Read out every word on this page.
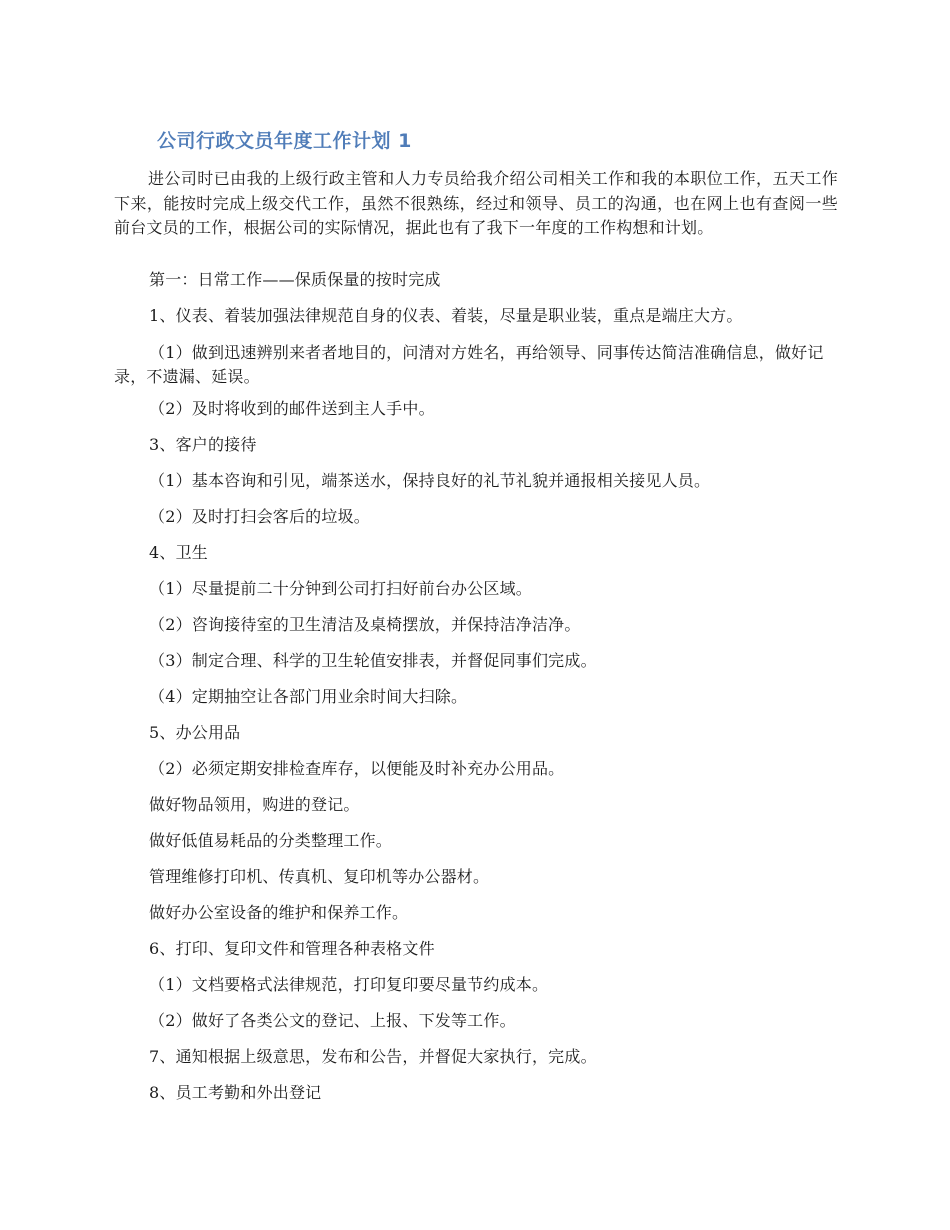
公司行政文员年度工作计划 1
进公司时已由我的上级行政主管和人力专员给我介绍公司相关工作和我的本职位工作，五天工作下来，能按时完成上级交代工作，虽然不很熟练，经过和领导、员工的沟通，也在网上也有查阅一些前台文员的工作，根据公司的实际情况，据此也有了我下一年度的工作构想和计划。
第一：日常工作——保质保量的按时完成
1、仪表、着装加强法律规范自身的仪表、着装，尽量是职业装，重点是端庄大方。
（1）做到迅速辨别来者者地目的，问清对方姓名，再给领导、同事传达简洁准确信息，做好记录，不遗漏、延误。
（2）及时将收到的邮件送到主人手中。
3、客户的接待
（1）基本咨询和引见，端茶送水，保持良好的礼节礼貌并通报相关接见人员。
（2）及时打扫会客后的垃圾。
4、卫生
（1）尽量提前二十分钟到公司打扫好前台办公区域。
（2）咨询接待室的卫生清洁及桌椅摆放，并保持洁净洁净。
（3）制定合理、科学的卫生轮值安排表，并督促同事们完成。
（4）定期抽空让各部门用业余时间大扫除。
5、办公用品
（2）必须定期安排检查库存，以便能及时补充办公用品。
做好物品领用，购进的登记。
做好低值易耗品的分类整理工作。
管理维修打印机、传真机、复印机等办公器材。
做好办公室设备的维护和保养工作。
6、打印、复印文件和管理各种表格文件
（1）文档要格式法律规范，打印复印要尽量节约成本。
（2）做好了各类公文的登记、上报、下发等工作。
7、通知根据上级意思，发布和公告，并督促大家执行，完成。
8、员工考勤和外出登记
